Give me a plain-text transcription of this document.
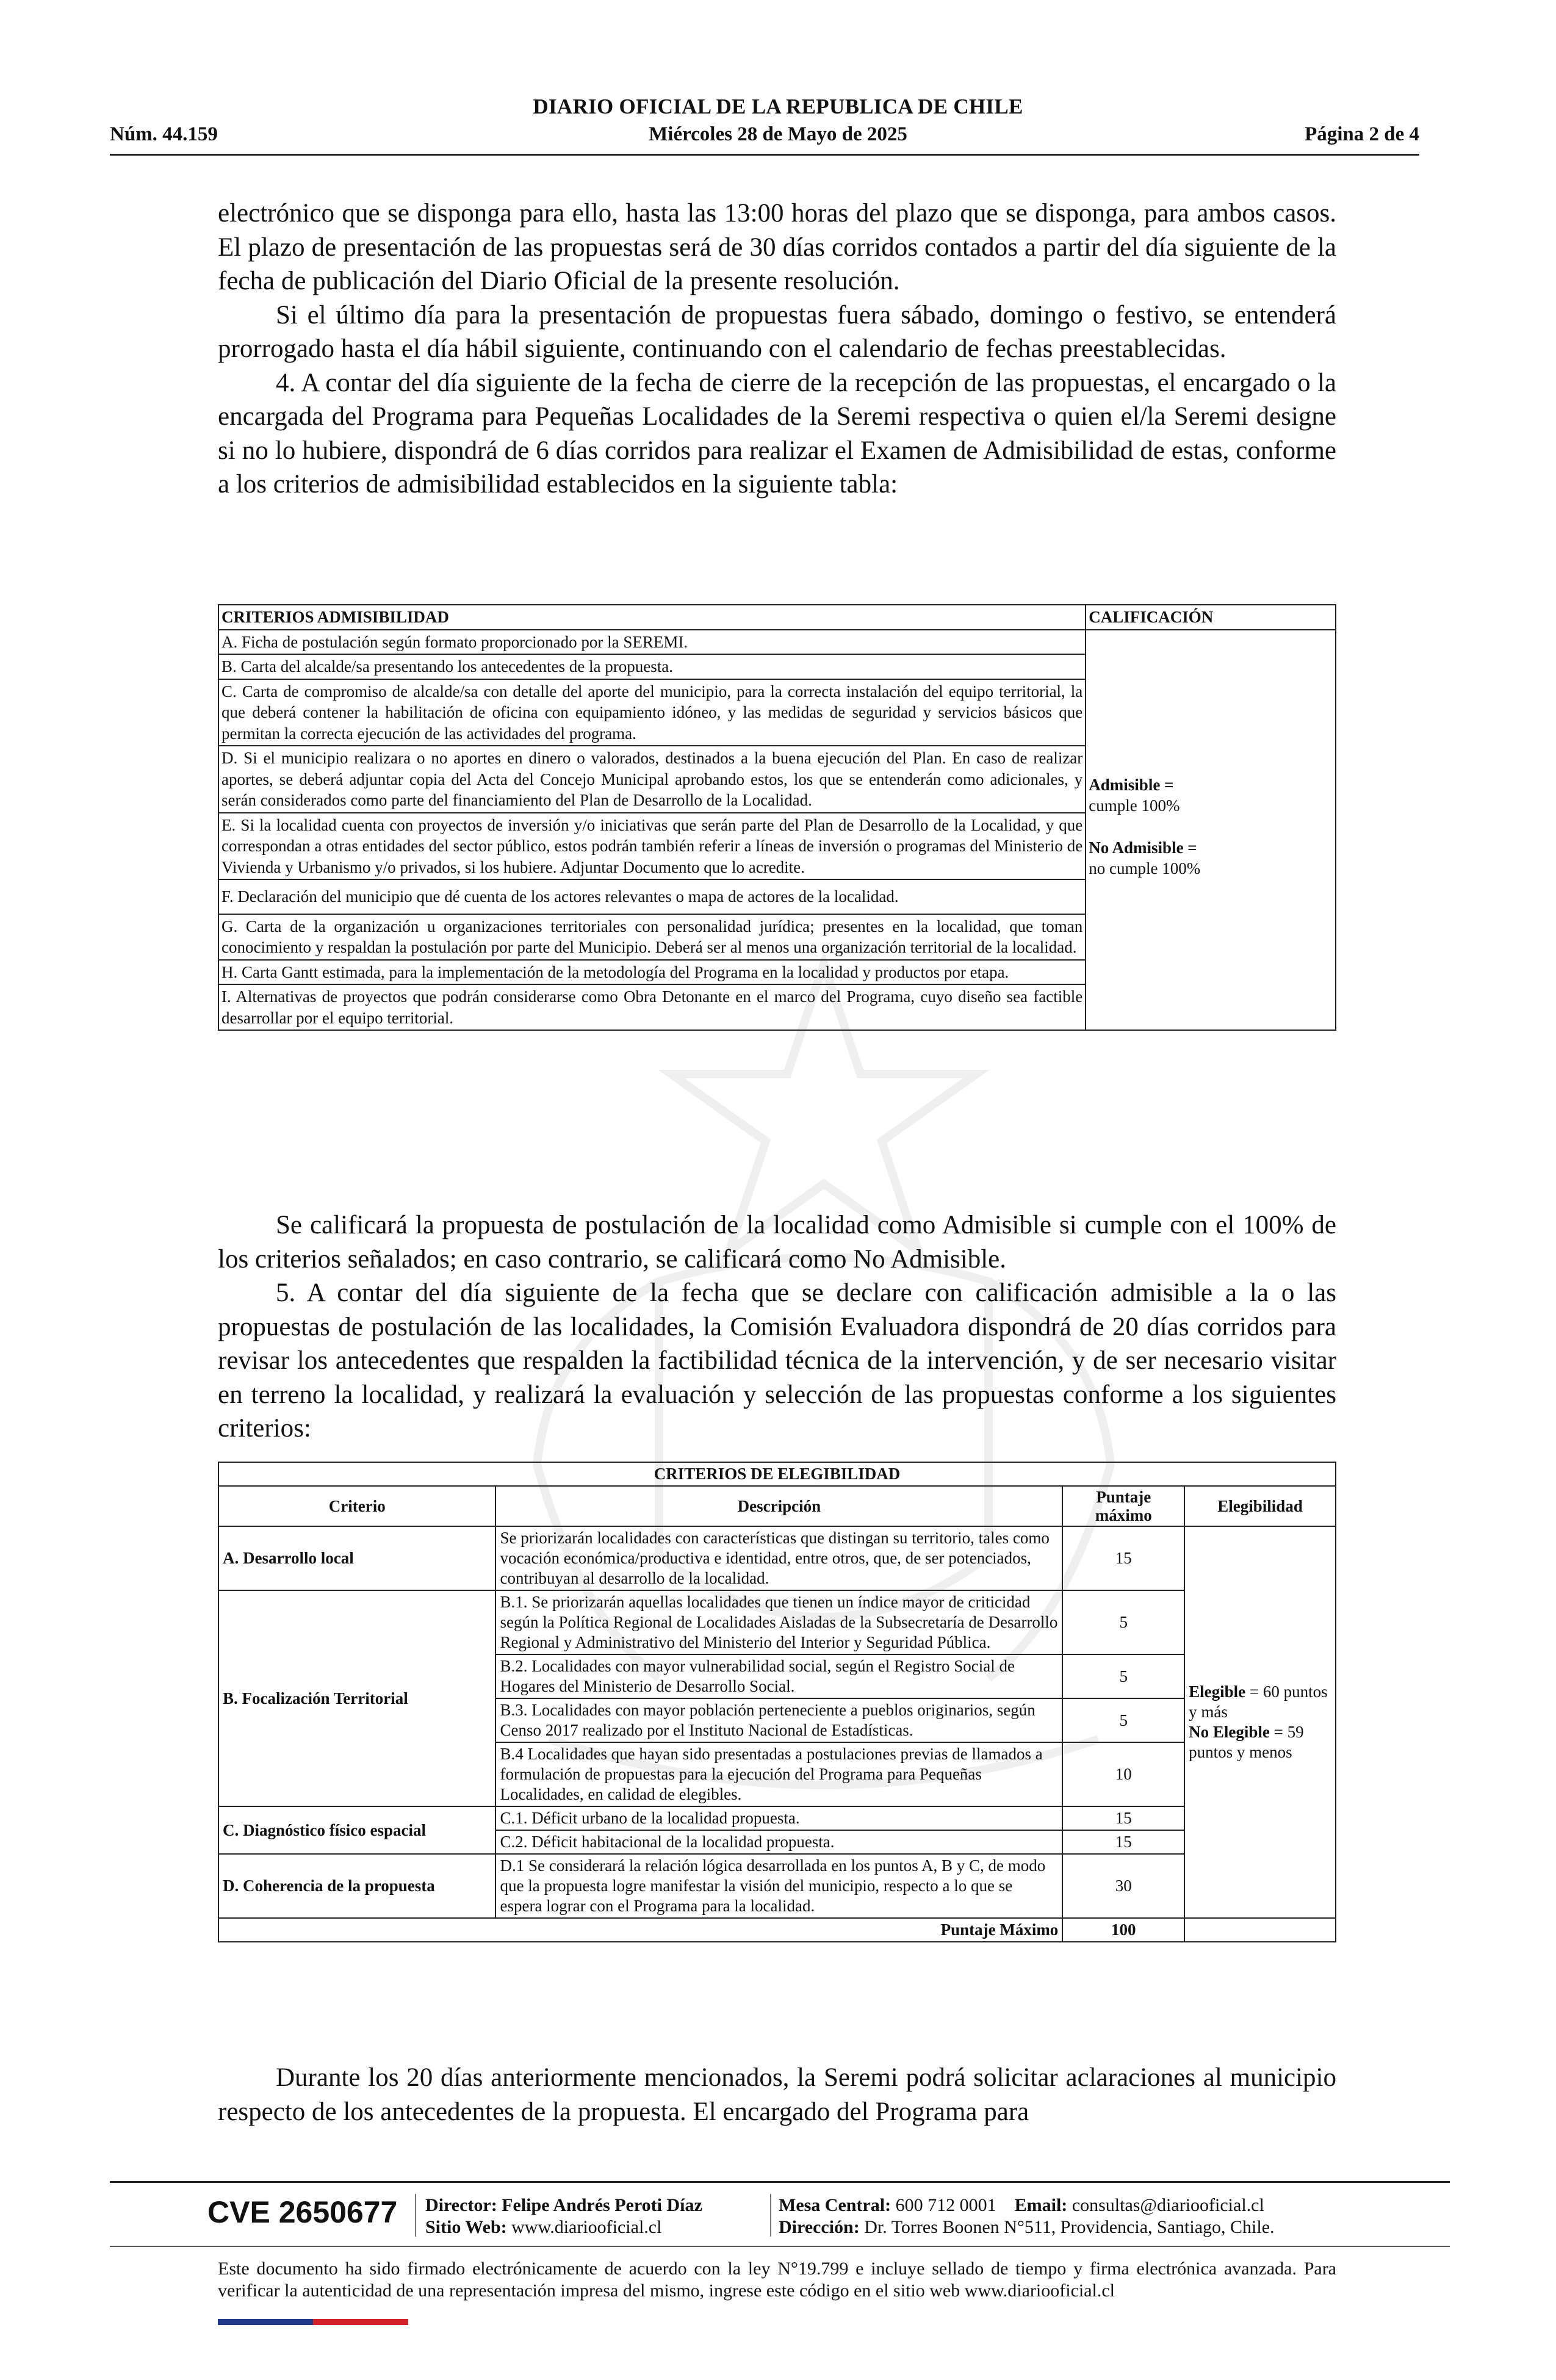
DIARIO OFICIAL DE LA REPUBLICA DE CHILE
Núm. 44.159	Miércoles 28 de Mayo de 2025	Página 2 de 4

electrónico que se disponga para ello, hasta las 13:00 horas del plazo que se disponga, para ambos casos. El plazo de presentación de las propuestas será de 30 días corridos contados a partir del día siguiente de la fecha de publicación del Diario Oficial de la presente resolución.

Si el último día para la presentación de propuestas fuera sábado, domingo o festivo, se entenderá prorrogado hasta el día hábil siguiente, continuando con el calendario de fechas preestablecidas.

4. A contar del día siguiente de la fecha de cierre de la recepción de las propuestas, el encargado o la encargada del Programa para Pequeñas Localidades de la Seremi respectiva o quien el/la Seremi designe si no lo hubiere, dispondrá de 6 días corridos para realizar el Examen de Admisibilidad de estas, conforme a los criterios de admisibilidad establecidos en la siguiente tabla:

CRITERIOS ADMISIBILIDAD	CALIFICACIÓN
A. Ficha de postulación según formato proporcionado por la SEREMI.	Admisible =
cumple 100%
No Admisible =
no cumple 100%

B. Carta del alcalde/sa presentando los antecedentes de la propuesta.	
C. Carta de compromiso de alcalde/sa con detalle del aporte del municipio, para la correcta instalación del equipo territorial, la que deberá contener la habilitación de oficina con equipamiento idóneo, y las medidas de seguridad y servicios básicos que permitan la correcta ejecución de las actividades del programa.	
D. Si el municipio realizara o no aportes en dinero o valorados, destinados a la buena ejecución del Plan. En caso de realizar aportes, se deberá adjuntar copia del Acta del Concejo Municipal aprobando estos, los que se entenderán como adicionales, y serán considerados como parte del financiamiento del Plan de Desarrollo de la Localidad.	
E. Si la localidad cuenta con proyectos de inversión y/o iniciativas que serán parte del Plan de Desarrollo de la Localidad, y que correspondan a otras entidades del sector público, estos podrán también referir a líneas de inversión o programas del Ministerio de Vivienda y Urbanismo y/o privados, si los hubiere. Adjuntar Documento que lo acredite.	
F. Declaración del municipio que dé cuenta de los actores relevantes o mapa de actores de la localidad.	
G. Carta de la organización u organizaciones territoriales con personalidad jurídica; presentes en la localidad, que toman conocimiento y respaldan la postulación por parte del Municipio. Deberá ser al menos una organización territorial de la localidad.	
H. Carta Gantt estimada, para la implementación de la metodología del Programa en la localidad y productos por etapa.	
I. Alternativas de proyectos que podrán considerarse como Obra Detonante en el marco del Programa, cuyo diseño sea factible desarrollar por el equipo territorial.	

Se calificará la propuesta de postulación de la localidad como Admisible si cumple con el 100% de los criterios señalados; en caso contrario, se calificará como No Admisible.

5. A contar del día siguiente de la fecha que se declare con calificación admisible a la o las propuestas de postulación de las localidades, la Comisión Evaluadora dispondrá de 20 días corridos para revisar los antecedentes que respalden la factibilidad técnica de la intervención, y de ser necesario visitar en terreno la localidad, y realizará la evaluación y selección de las propuestas conforme a los siguientes criterios:

CRITERIOS DE ELEGIBILIDAD			
Criterio	Descripción	Puntaje máximo	Elegibilidad
A. Desarrollo local	Se priorizarán localidades con características que distingan su territorio, tales como vocación económica/productiva e identidad, entre otros, que, de ser potenciados, contribuyan al desarrollo de la localidad.	15	Elegible = 60 puntos y más
No Elegible = 59 puntos y menos

B. Focalización Territorial	B.1. Se priorizarán aquellas localidades que tienen un índice mayor de criticidad según la Política Regional de Localidades Aisladas de la Subsecretaría de Desarrollo Regional y Administrativo del Ministerio del Interior y Seguridad Pública.	5	
	B.2. Localidades con mayor vulnerabilidad social, según el Registro Social de Hogares del Ministerio de Desarrollo Social.	5	
	B.3. Localidades con mayor población perteneciente a pueblos originarios, según Censo 2017 realizado por el Instituto Nacional de Estadísticas.	5	
	B.4 Localidades que hayan sido presentadas a postulaciones previas de llamados a formulación de propuestas para la ejecución del Programa para Pequeñas Localidades, en calidad de elegibles.	10	
C. Diagnóstico físico espacial	C.1. Déficit urbano de la localidad propuesta.	15	
	C.2. Déficit habitacional de la localidad propuesta.	15	
D. Coherencia de la propuesta	D.1 Se considerará la relación lógica desarrollada en los puntos A, B y C, de modo que la propuesta logre manifestar la visión del municipio, respecto a lo que se espera lograr con el Programa para la localidad.	30	
Puntaje Máximo		100	

Durante los 20 días anteriormente mencionados, la Seremi podrá solicitar aclaraciones al municipio respecto de los antecedentes de la propuesta. El encargado del Programa para

CVE 2650677 Director: Felipe Andrés Peroti Díaz
Sitio Web: www.diariooficial.cl
Mesa Central: 600 712 0001 Email: consultas@diariooficial.cl
Dirección: Dr. Torres Boonen N°511, Providencia, Santiago, Chile.
Este documento ha sido firmado electrónicamente de acuerdo con la ley N°19.799 e incluye sellado de tiempo y firma electrónica avanzada. Para verificar la autenticidad de una representación impresa del mismo, ingrese este código en el sitio web www.diariooficial.cl
